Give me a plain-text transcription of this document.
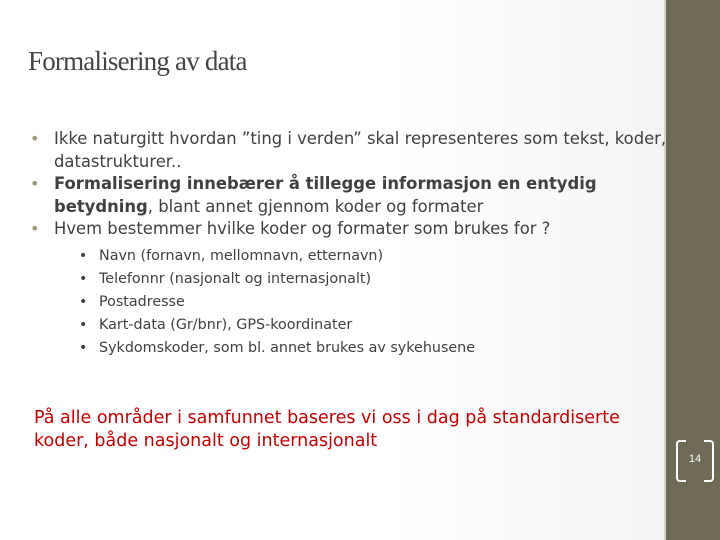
Formalisering av data
• Ikke naturgitt hvordan ”ting i verden” skal representeres som tekst, koder, datastrukturer..
• Formalisering innebærer å tillegge informasjon en entydig betydning, blant annet gjennom koder og formater
• Hvem bestemmer hvilke koder og formater som brukes for ?
• Navn (fornavn, mellomnavn, etternavn)
• Telefonnr (nasjonalt og internasjonalt)
• Postadresse
• Kart-data (Gr/bnr), GPS-koordinater
• Sykdomskoder, som bl. annet brukes av sykehusene
På alle områder i samfunnet baseres vi oss i dag på standardiserte koder, både nasjonalt og internasjonalt
14
